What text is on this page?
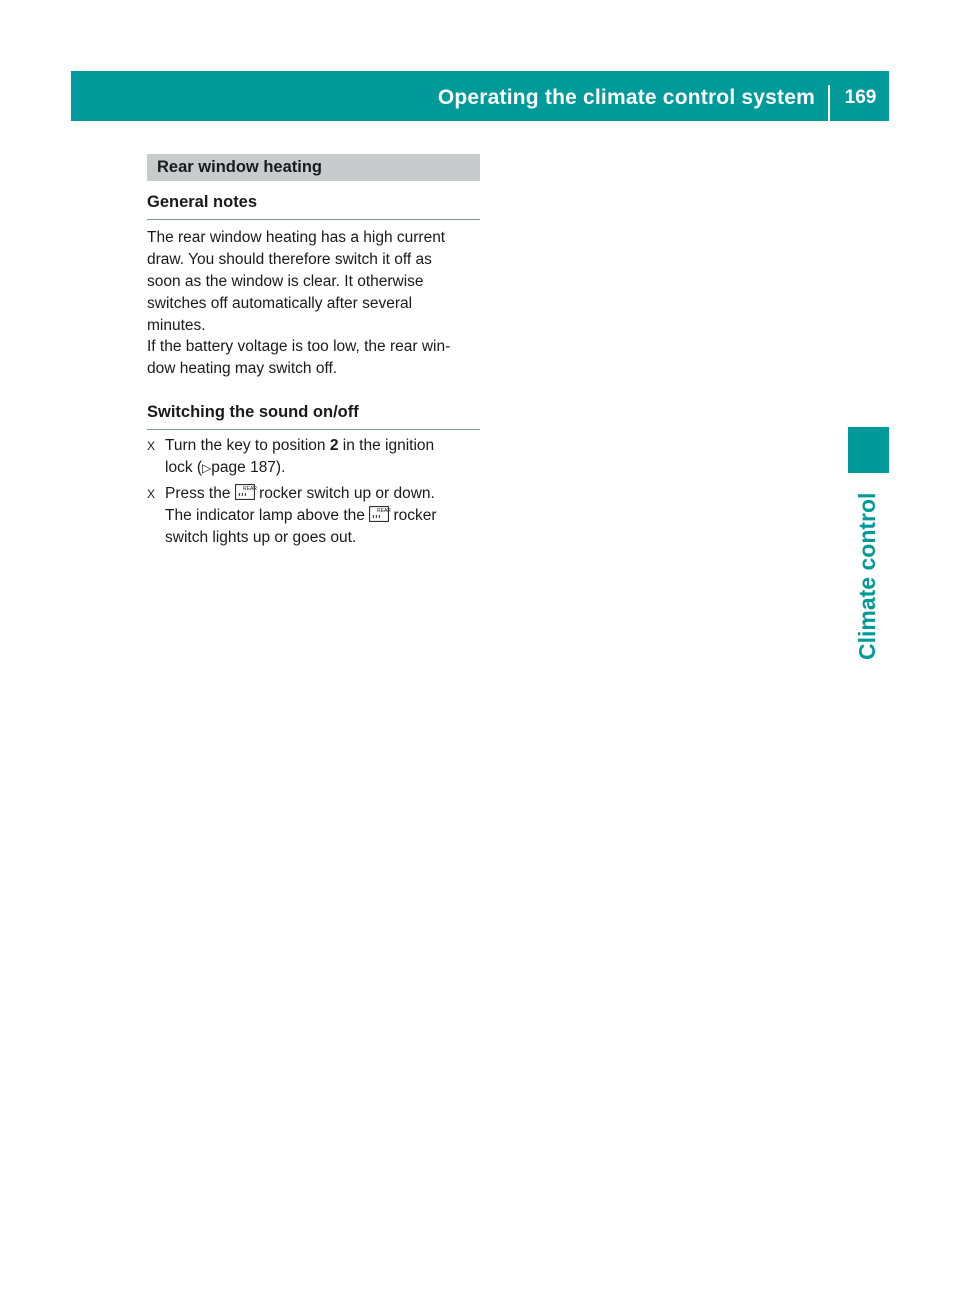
Operating the climate control system	169
Climate control
Rear window heating
General notes
The rear window heating has a high current
draw. You should therefore switch it off as
soon as the window is clear. It otherwise
switches off automatically after several
minutes.
If the battery voltage is too low, the rear win-
dow heating may switch off.
Switching the sound on/off
X Turn the key to position 2 in the ignition
lock (▷page 187).
X Press the REAR
rocker switch up or down.
The indicator lamp above the REAR
rocker
switch lights up or goes out.
